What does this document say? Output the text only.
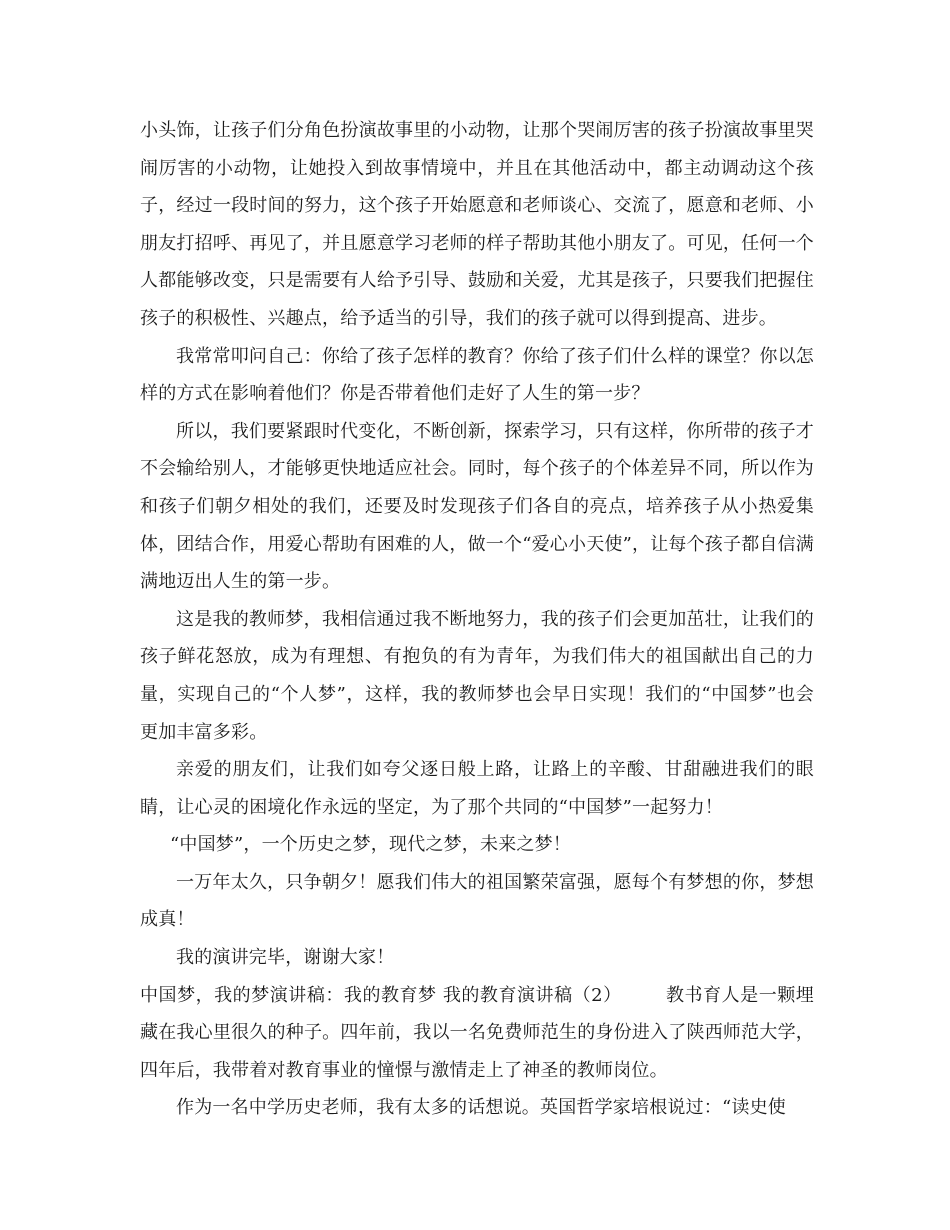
小头饰，让孩子们分角色扮演故事里的小动物，让那个哭闹厉害的孩子扮演故事里哭闹厉害的小动物，让她投入到故事情境中，并且在其他活动中，都主动调动这个孩子，经过一段时间的努力，这个孩子开始愿意和老师谈心、交流了，愿意和老师、小朋友打招呼、再见了，并且愿意学习老师的样子帮助其他小朋友了。可见，任何一个人都能够改变，只是需要有人给予引导、鼓励和关爱，尤其是孩子，只要我们把握住孩子的积极性、兴趣点，给予适当的引导，我们的孩子就可以得到提高、进步。

我常常叩问自己：你给了孩子怎样的教育？你给了孩子们什么样的课堂？你以怎样的方式在影响着他们？你是否带着他们走好了人生的第一步？

所以，我们要紧跟时代变化，不断创新，探索学习，只有这样，你所带的孩子才不会输给别人，才能够更快地适应社会。同时，每个孩子的个体差异不同，所以作为和孩子们朝夕相处的我们，还要及时发现孩子们各自的亮点，培养孩子从小热爱集体，团结合作，用爱心帮助有困难的人，做一个“爱心小天使”，让每个孩子都自信满满地迈出人生的第一步。

这是我的教师梦，我相信通过我不断地努力，我的孩子们会更加茁壮，让我们的孩子鲜花怒放，成为有理想、有抱负的有为青年，为我们伟大的祖国献出自己的力量，实现自己的“个人梦”，这样，我的教师梦也会早日实现！我们的“中国梦”也会更加丰富多彩。

亲爱的朋友们，让我们如夸父逐日般上路，让路上的辛酸、甘甜融进我们的眼睛，让心灵的困境化作永远的坚定，为了那个共同的“中国梦”一起努力！

“中国梦”，一个历史之梦，现代之梦，未来之梦！

一万年太久，只争朝夕！愿我们伟大的祖国繁荣富强，愿每个有梦想的你，梦想成真！

我的演讲完毕，谢谢大家！

中国梦，我的梦演讲稿：我的教育梦 我的教育演讲稿（2） 教书育人是一颗埋藏在我心里很久的种子。四年前，我以一名免费师范生的身份进入了陕西师范大学，四年后，我带着对教育事业的憧憬与激情走上了神圣的教师岗位。

作为一名中学历史老师，我有太多的话想说。英国哲学家培根说过：“读史使
